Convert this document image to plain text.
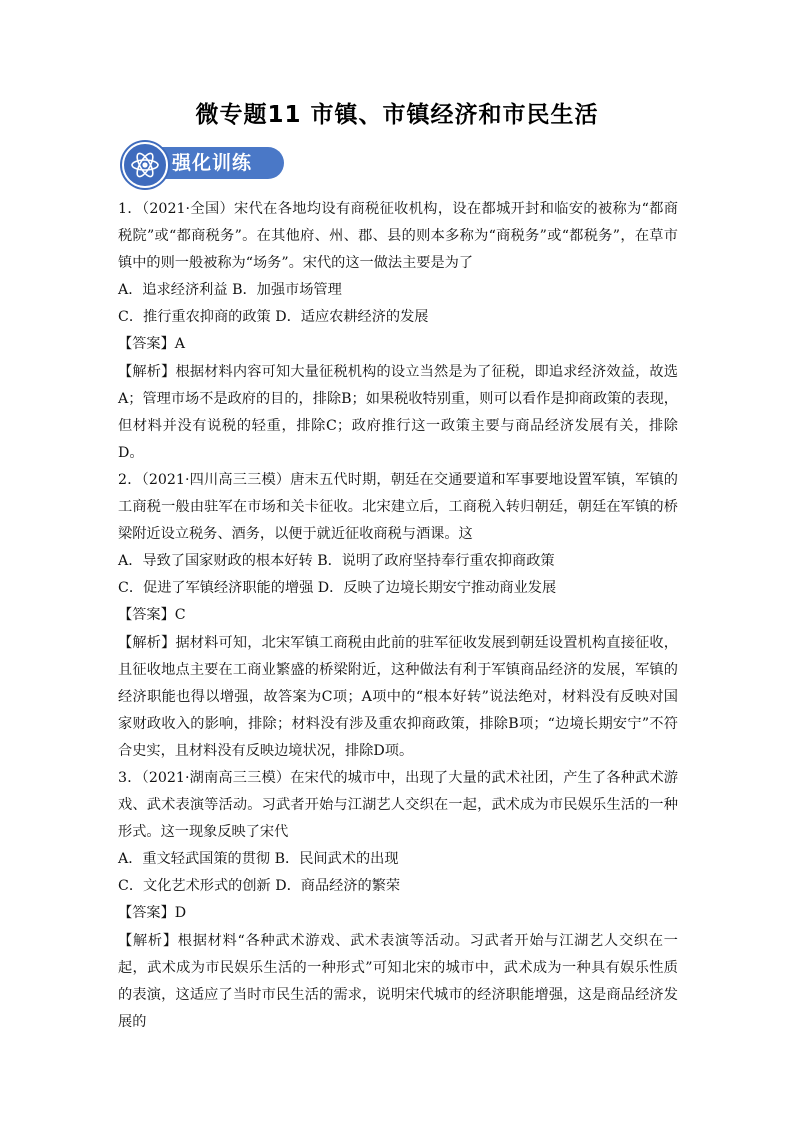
微专题11 市镇、市镇经济和市民生活
强化训练

1．（2021·全国）宋代在各地均设有商税征收机构，设在都城开封和临安的被称为“都商税院”或“都商税务”。在其他府、州、郡、县的则本多称为“商税务”或“都税务”，在草市镇中的则一般被称为“场务”。宋代的这一做法主要是为了

A．追求经济利益 B．加强市场管理

C．推行重农抑商的政策 D．适应农耕经济的发展

【答案】A

【解析】根据材料内容可知大量征税机构的设立当然是为了征税，即追求经济效益，故选A；管理市场不是政府的目的，排除B；如果税收特别重，则可以看作是抑商政策的表现，但材料并没有说税的轻重，排除C；政府推行这一政策主要与商品经济发展有关，排除D。

2．（2021·四川高三三模）唐末五代时期，朝廷在交通要道和军事要地设置军镇，军镇的工商税一般由驻军在市场和关卡征收。北宋建立后，工商税入转归朝廷，朝廷在军镇的桥梁附近设立税务、酒务，以便于就近征收商税与酒课。这

A．导致了国家财政的根本好转 B．说明了政府坚持奉行重农抑商政策

C．促进了军镇经济职能的增强 D．反映了边境长期安宁推动商业发展

【答案】C

【解析】据材料可知，北宋军镇工商税由此前的驻军征收发展到朝廷设置机构直接征收，且征收地点主要在工商业繁盛的桥梁附近，这种做法有利于军镇商品经济的发展，军镇的经济职能也得以增强，故答案为C项；A项中的“根本好转”说法绝对，材料没有反映对国家财政收入的影响，排除；材料没有涉及重农抑商政策，排除B项；“边境长期安宁”不符合史实，且材料没有反映边境状况，排除D项。

3．（2021·湖南高三三模）在宋代的城市中，出现了大量的武术社团，产生了各种武术游戏、武术表演等活动。习武者开始与江湖艺人交织在一起，武术成为市民娱乐生活的一种形式。这一现象反映了宋代

A．重文轻武国策的贯彻 B．民间武术的出现

C．文化艺术形式的创新 D．商品经济的繁荣

【答案】D

【解析】根据材料“各种武术游戏、武术表演等活动。习武者开始与江湖艺人交织在一起，武术成为市民娱乐生活的一种形式”可知北宋的城市中，武术成为一种具有娱乐性质的表演，这适应了当时市民生活的需求，说明宋代城市的经济职能增强，这是商品经济发展的
